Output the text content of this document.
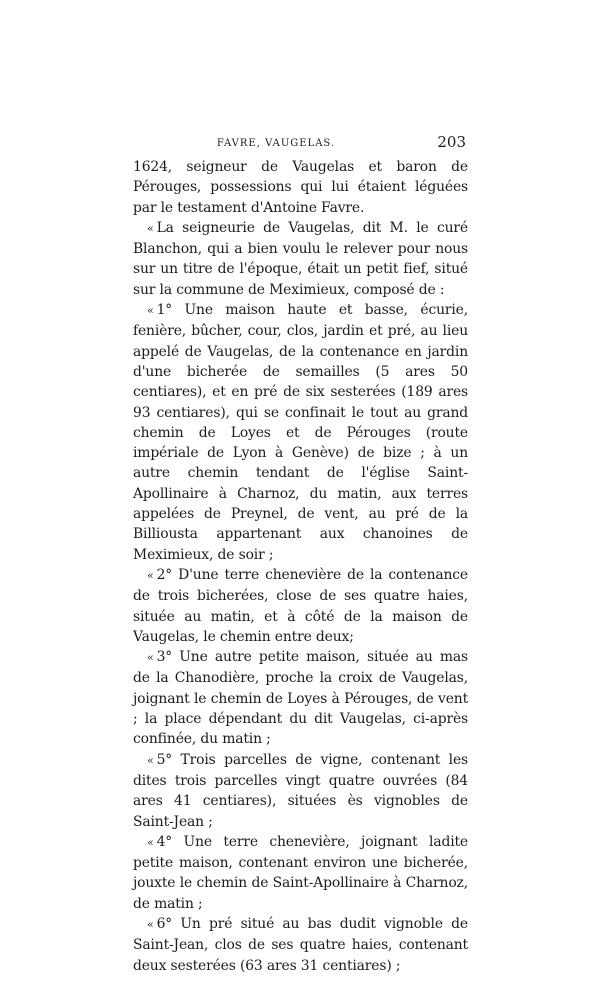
FAVRE, VAUGELAS.	203

1624, seigneur de Vaugelas et baron de Pérouges, possessions qui lui étaient léguées par le testament d'Antoine Favre.

« La seigneurie de Vaugelas, dit M. le curé Blanchon, qui a bien voulu le relever pour nous sur un titre de l'époque, était un petit fief, situé sur la commune de Meximieux, composé de :

« 1° Une maison haute et basse, écurie, fenière, bûcher, cour, clos, jardin et pré, au lieu appelé de Vaugelas, de la contenance en jardin d'une bicherée de semailles (5 ares 50 centiares), et en pré de six sesterées (189 ares 93 centiares), qui se confinait le tout au grand chemin de Loyes et de Pérouges (route impériale de Lyon à Genève) de bize ; à un autre chemin tendant de l'église Saint-Apollinaire à Charnoz, du matin, aux terres appelées de Preynel, de vent, au pré de la Billiousta appartenant aux chanoines de Meximieux, de soir ;

« 2° D'une terre chenevière de la contenance de trois bicherées, close de ses quatre haies, située au matin, et à côté de la maison de Vaugelas, le chemin entre deux;

« 3° Une autre petite maison, située au mas de la Chanodière, proche la croix de Vaugelas, joignant le chemin de Loyes à Pérouges, de vent ; la place dépendant du dit Vaugelas, ci-après confinée, du matin ;

« 5° Trois parcelles de vigne, contenant les dites trois parcelles vingt quatre ouvrées (84 ares 41 centiares), situées ès vignobles de Saint-Jean ;

« 4° Une terre chenevière, joignant ladite petite maison, contenant environ une bicherée, jouxte le chemin de Saint-Apollinaire à Charnoz, de matin ;

« 6° Un pré situé au bas dudit vignoble de Saint-Jean, clos de ses quatre haies, contenant deux sesterées (63 ares 31 centiares) ;
